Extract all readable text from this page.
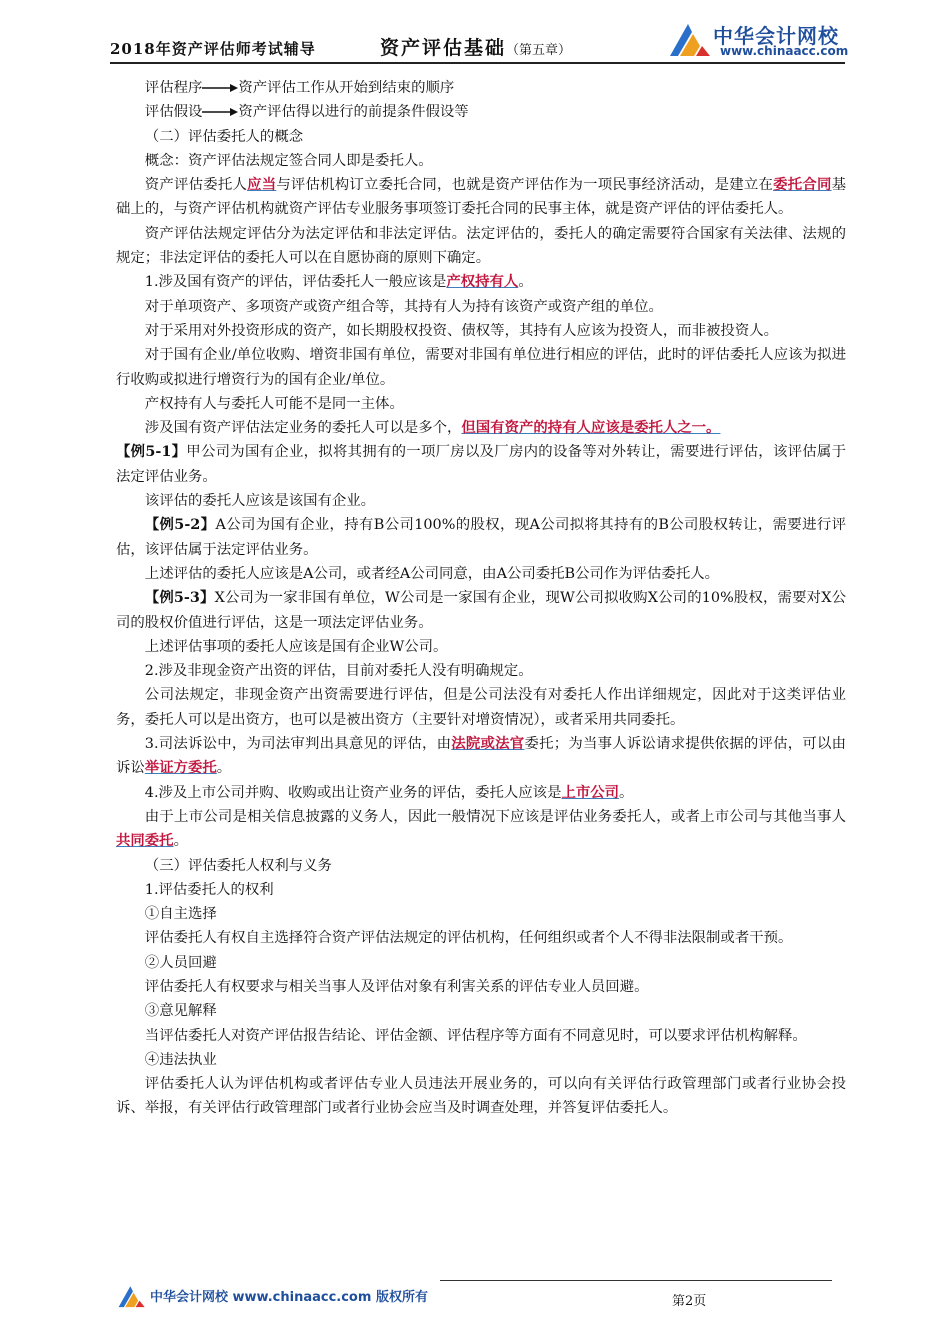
2018年资产评估师考试辅导	资产评估基础（第五章）
中华会计网校
www.chinaacc.com

评估程序	资产评估工作从开始到结束的顺序

评估假设	资产评估得以进行的前提条件假设等

（二）评估委托人的概念

概念：资产评估法规定签合同人即是委托人。

资产评估委托人应当与评估机构订立委托合同，也就是资产评估作为一项民事经济活动，是建立在委托合同基础上的，与资产评估机构就资产评估专业服务事项签订委托合同的民事主体，就是资产评估的评估委托人。

资产评估法规定评估分为法定评估和非法定评估。法定评估的，委托人的确定需要符合国家有关法律、法规的规定；非法定评估的委托人可以在自愿协商的原则下确定。

1.涉及国有资产的评估，评估委托人一般应该是产权持有人。

对于单项资产、多项资产或资产组合等，其持有人为持有该资产或资产组的单位。

对于采用对外投资形成的资产，如长期股权投资、债权等，其持有人应该为投资人，而非被投资人。

对于国有企业/单位收购、增资非国有单位，需要对非国有单位进行相应的评估，此时的评估委托人应该为拟进行收购或拟进行增资行为的国有企业/单位。

产权持有人与委托人可能不是同一主体。

涉及国有资产评估法定业务的委托人可以是多个，但国有资产的持有人应该是委托人之一。

【例5-1】甲公司为国有企业，拟将其拥有的一项厂房以及厂房内的设备等对外转让，需要进行评估，该评估属于法定评估业务。

该评估的委托人应该是该国有企业。

【例5-2】A公司为国有企业，持有B公司100%的股权，现A公司拟将其持有的B公司股权转让，需要进行评估，该评估属于法定评估业务。

上述评估的委托人应该是A公司，或者经A公司同意，由A公司委托B公司作为评估委托人。

【例5-3】X公司为一家非国有单位，W公司是一家国有企业，现W公司拟收购X公司的10%股权，需要对X公司的股权价值进行评估，这是一项法定评估业务。

上述评估事项的委托人应该是国有企业W公司。

2.涉及非现金资产出资的评估，目前对委托人没有明确规定。

公司法规定，非现金资产出资需要进行评估，但是公司法没有对委托人作出详细规定，因此对于这类评估业务，委托人可以是出资方，也可以是被出资方（主要针对增资情况），或者采用共同委托。

3.司法诉讼中，为司法审判出具意见的评估，由法院或法官委托；为当事人诉讼请求提供依据的评估，可以由诉讼举证方委托。

4.涉及上市公司并购、收购或出让资产业务的评估，委托人应该是上市公司。

由于上市公司是相关信息披露的义务人，因此一般情况下应该是评估业务委托人，或者上市公司与其他当事人共同委托。

（三）评估委托人权利与义务

1.评估委托人的权利

①自主选择

评估委托人有权自主选择符合资产评估法规定的评估机构，任何组织或者个人不得非法限制或者干预。

②人员回避

评估委托人有权要求与相关当事人及评估对象有利害关系的评估专业人员回避。

③意见解释

当评估委托人对资产评估报告结论、评估金额、评估程序等方面有不同意见时，可以要求评估机构解释。

④违法执业

评估委托人认为评估机构或者评估专业人员违法开展业务的，可以向有关评估行政管理部门或者行业协会投诉、举报，有关评估行政管理部门或者行业协会应当及时调查处理，并答复评估委托人。

中华会计网校 www.chinaacc.com 版权所有	第2页
